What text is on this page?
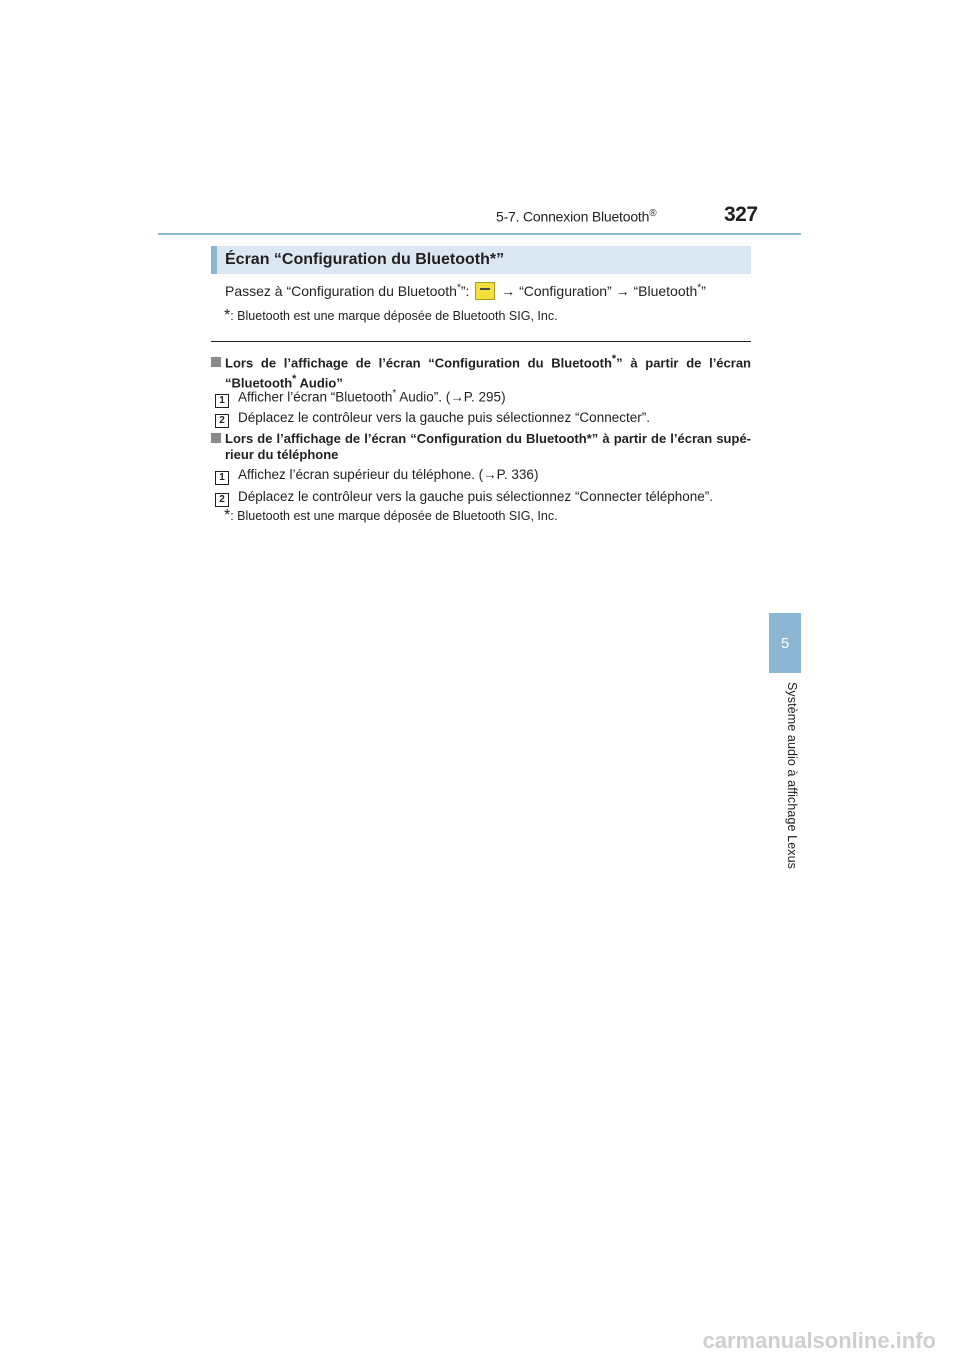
5-7. Connexion Bluetooth®	327
5
Système audio à affichage Lexus
Écran “Configuration du Bluetooth*”
Passez à “Configuration du Bluetooth*”:  → “Configuration” → “Bluetooth*”
*: Bluetooth est une marque déposée de Bluetooth SIG, Inc.
Lors de l’affichage de l’écran “Configuration du Bluetooth*” à partir de l’écran
“Bluetooth* Audio”
1 Afficher l’écran “Bluetooth* Audio”. (→P. 295)
2 Déplacez le contrôleur vers la gauche puis sélectionnez “Connecter”.
Lors de l’affichage de l’écran “Configuration du Bluetooth*” à partir de l’écran supé-
rieur du téléphone
1 Affichez l’écran supérieur du téléphone. (→P. 336)
2 Déplacez le contrôleur vers la gauche puis sélectionnez “Connecter téléphone”.
*: Bluetooth est une marque déposée de Bluetooth SIG, Inc.
carmanualsonline.info
